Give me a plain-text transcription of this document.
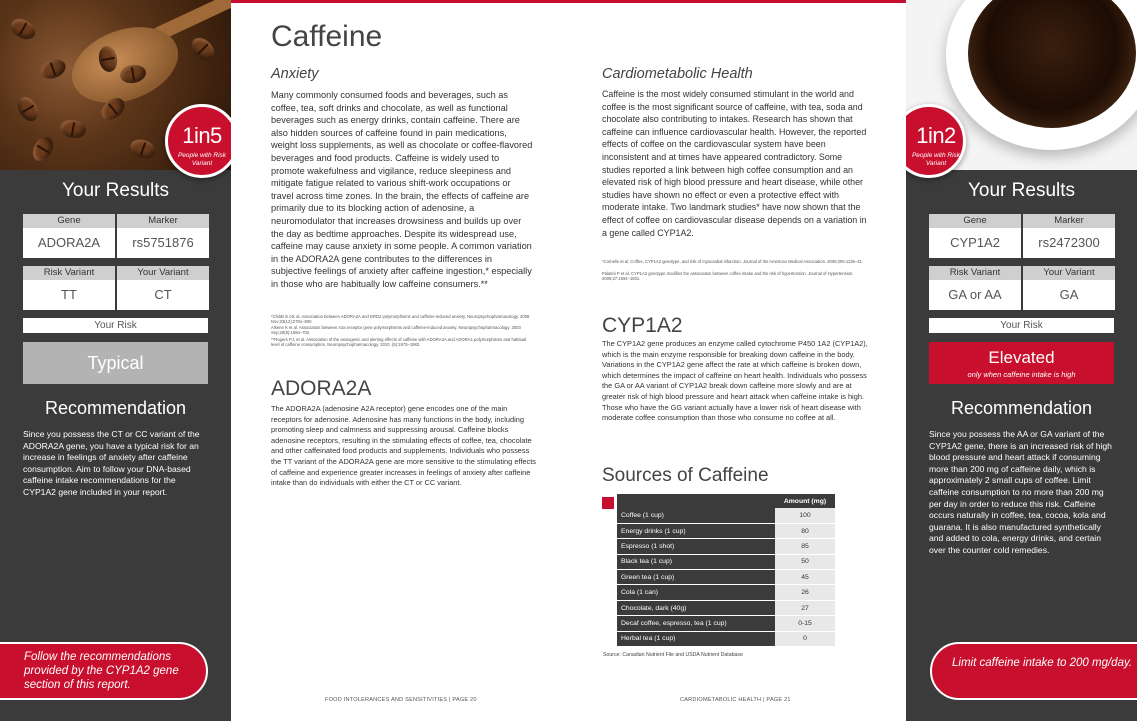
1in5
People with Risk Variant
Your Results
Gene	Marker
ADORA2A	rs5751876
Risk Variant	Your Variant
TT	CT
Your Risk
Typical
Recommendation
Since you possess the CT or CC variant of the ADORA2A gene, you have a typical risk for an increase in feelings of anxiety after caffeine consumption. Aim to follow your DNA-based caffeine intake recommendations for the CYP1A2 gene included in your report.
Follow the recommendations provided by the CYP1A2 gene section of this report.
Caffeine
Anxiety
Many commonly consumed foods and beverages, such as coffee, tea, soft drinks and chocolate, as well as functional beverages such as energy drinks, contain caffeine. There are also hidden sources of caffeine found in pain medications, weight loss supplements, as well as chocolate or coffee-flavored beverages and food products. Caffeine is widely used to promote wakefulness and vigilance, reduce sleepiness and mitigate fatigue related to various shift-work occupations or travel across time zones. In the brain, the effects of caffeine are primarily due to its blocking action of adenosine, a neuromodulator that increases drowsiness and builds up over the day as bedtime approaches. Despite its widespread use, caffeine may cause anxiety in some people. A common variation in the ADORA2A gene contributes to the differences in subjective feelings of anxiety after caffeine ingestion,* especially in those who are habitually low caffeine consumers.**
*Childs E etc al. Association between ADORA2A and DRD2 polymorphisms and caffeine-induced anxiety. Neuropsychopharmacology. 2008 Nov;33(12):2791–800
Alsene K et al. Association between A2a receptor gene polymorphisms and caffeine-induced anxiety. Neuropsychopharmacology. 2003 Sep;28(9):1694–702.
**Rogers PJ, et al. Association of the anxiogenic and alerting effects of caffeine with ADORA2A and ADORA1 polymorphisms and habitual level of caffeine consumption. Neuropsychopharmacology. 2010, (9):1973–1983.
ADORA2A
The ADORA2A (adenosine A2A receptor) gene encodes one of the main receptors for adenosine. Adenosine has many functions in the body, including promoting sleep and calmness and suppressing arousal. Caffeine blocks adenosine receptors, resulting in the stimulating effects of coffee, tea, chocolate and other caffeinated food products and supplements. Individuals who possess the TT variant of the ADORA2A gene are more sensitive to the stimulating effects of caffeine and experience greater increases in feelings of anxiety after caffeine intake than do individuals with either the CT or CC variant.
FOOD INTOLERANCES AND SENSITIVITIES | PAGE 20
Cardiometabolic Health
Caffeine is the most widely consumed stimulant in the world and coffee is the most significant source of caffeine, with tea, soda and chocolate also contributing to intakes. Research has shown that caffeine can influence cardiovascular health. However, the reported effects of coffee on the cardiovascular system have been inconsistent and at times have appeared contradictory. Some studies reported a link between high coffee consumption and an elevated risk of high blood pressure and heart disease, while other studies have shown no effect or even a protective effect with moderate intake. Two landmark studies* have now shown that the effect of coffee on cardiovascular disease depends on a variation in a gene called CYP1A2.
*Cornelis et al. Coffee, CYP1A2 genotype, and risk of myocardial infarction. Journal of the American Medical Association. 2006;295:1135–41.
Palatini P et al. CYP1A2 genotype modifies the association between coffee intake and the risk of hypertension. Journal of Hypertension. 2009;27:1594–1601.
CYP1A2
The CYP1A2 gene produces an enzyme called cytochrome P450 1A2 (CYP1A2), which is the main enzyme responsible for breaking down caffeine in the body. Variations in the CYP1A2 gene affect the rate at which caffeine is broken down, which determines the impact of caffeine on heart health. Individuals who possess the GA or AA variant of CYP1A2 break down caffeine more slowly and are at greater risk of high blood pressure and heart attack when caffeine intake is high. Those who have the GG variant actually have a lower risk of heart disease with moderate coffee consumption than those who consume no coffee at all.
Sources of Caffeine
	Amount (mg)
Coffee (1 cup)	100
Energy drinks (1 cup)	80
Espresso (1 shot)	85
Black tea (1 cup)	50
Green tea (1 cup)	45
Cola (1 can)	26
Chocolate, dark (40g)	27
Decaf coffee, espresso, tea (1 cup)	0-15
Herbal tea (1 cup)	0
Source: Canadian Nutrient File and USDA Nutrient Database
CARDIOMETABOLIC HEALTH | PAGE 21
1in2
People with Risk Variant
Your Results
Gene	Marker
CYP1A2	rs2472300
Risk Variant	Your Variant
GA or AA	GA
Your Risk
Elevated
only when caffeine intake is high
Recommendation
Since you possess the AA or GA variant of the CYP1A2 gene, there is an increased risk of high blood pressure and heart attack if consuming more than 200 mg of caffeine daily, which is approximately 2 small cups of coffee. Limit caffeine consumption to no more than 200 mg per day in order to reduce this risk. Caffeine occurs naturally in coffee, tea, cocoa, kola and guarana. It is also manufactured synthetically and added to cola, energy drinks, and certain over the counter cold remedies.
Limit caffeine intake to 200 mg/day.
